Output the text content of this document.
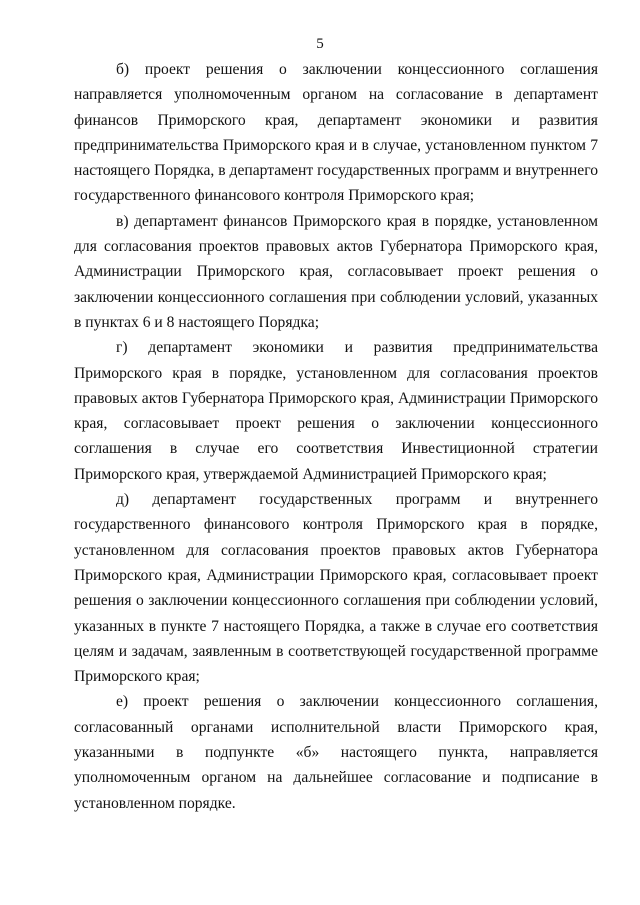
5

б) проект решения о заключении концессионного соглашения направляется уполномоченным органом на согласование в департамент финансов Приморского края, департамент экономики и развития предпринимательства Приморского края и в случае, установленном пунктом 7 настоящего Порядка, в департамент государственных программ и внутреннего государственного финансового контроля Приморского края;

в) департамент финансов Приморского края в порядке, установленном для согласования проектов правовых актов Губернатора Приморского края, Администрации Приморского края, согласовывает проект решения о заключении концессионного соглашения при соблюдении условий, указанных в пунктах 6 и 8 настоящего Порядка;

г) департамент экономики и развития предпринимательства Приморского края в порядке, установленном для согласования проектов правовых актов Губернатора Приморского края, Администрации Приморского края, согласовывает проект решения о заключении концессионного соглашения в случае его соответствия Инвестиционной стратегии Приморского края, утверждаемой Администрацией Приморского края;

д) департамент государственных программ и внутреннего государственного финансового контроля Приморского края в порядке, установленном для согласования проектов правовых актов Губернатора Приморского края, Администрации Приморского края, согласовывает проект решения о заключении концессионного соглашения при соблюдении условий, указанных в пункте 7 настоящего Порядка, а также в случае его соответствия целям и задачам, заявленным в соответствующей государственной программе Приморского края;

е) проект решения о заключении концессионного соглашения, согласованный органами исполнительной власти Приморского края, указанными в подпункте «б» настоящего пункта, направляется уполномоченным органом на дальнейшее согласование и подписание в установленном порядке.
